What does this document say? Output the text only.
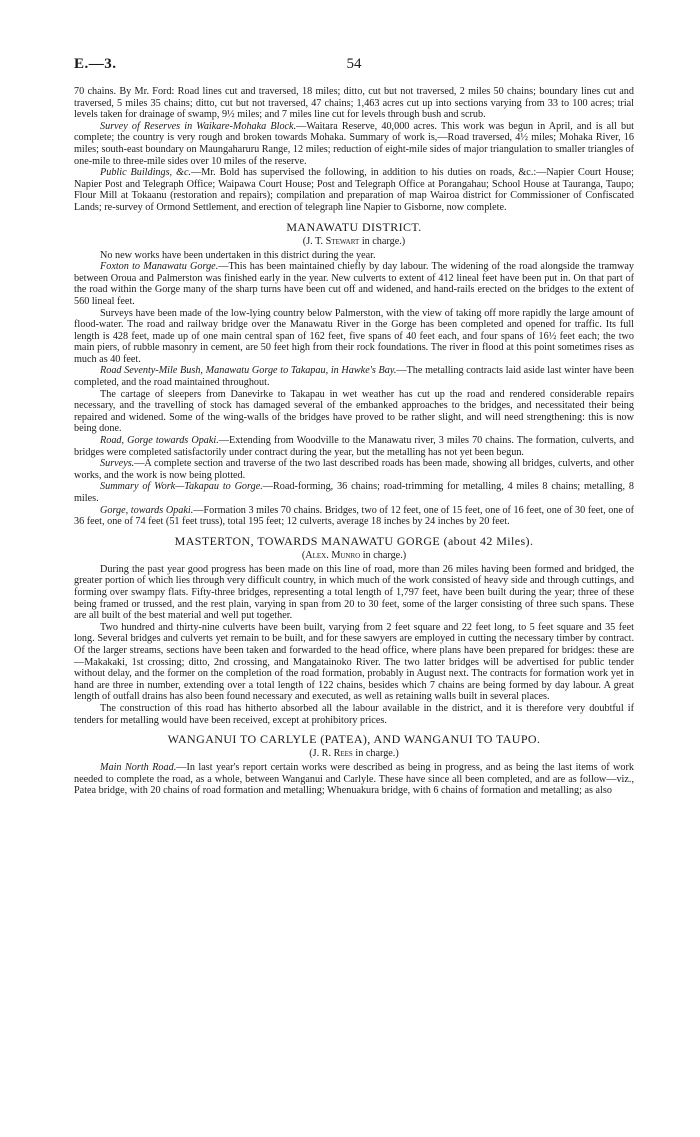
E.—3.	54

70 chains. By Mr. Ford: Road lines cut and traversed, 18 miles; ditto, cut but not traversed, 2 miles 50 chains; boundary lines cut and traversed, 5 miles 35 chains; ditto, cut but not traversed, 47 chains; 1,463 acres cut up into sections varying from 33 to 100 acres; trial levels taken for drainage of swamp, 9½ miles; and 7 miles line cut for levels through bush and scrub.

Survey of Reserves in Waikare-Mohaka Block.—Waitara Reserve, 40,000 acres. This work was begun in April, and is all but complete; the country is very rough and broken towards Mohaka. Summary of work is,—Road traversed, 4½ miles; Mohaka River, 16 miles; south-east boundary on Maungaharuru Range, 12 miles; reduction of eight-mile sides of major triangulation to smaller triangles of one-mile to three-mile sides over 10 miles of the reserve.

Public Buildings, &c.—Mr. Bold has supervised the following, in addition to his duties on roads, &c.:—Napier Court House; Napier Post and Telegraph Office; Waipawa Court House; Post and Telegraph Office at Porangahau; School House at Tauranga, Taupo; Flour Mill at Tokaanu (restoration and repairs); compilation and preparation of map Wairoa district for Commissioner of Confiscated Lands; re-survey of Ormond Settlement, and erection of telegraph line Napier to Gisborne, now complete.

MANAWATU DISTRICT.
(J. T. Stewart in charge.)

No new works have been undertaken in this district during the year.

Foxton to Manawatu Gorge.—This has been maintained chiefly by day labour. The widening of the road alongside the tramway between Oroua and Palmerston was finished early in the year. New culverts to extent of 412 lineal feet have been put in. On that part of the road within the Gorge many of the sharp turns have been cut off and widened, and hand-rails erected on the bridges to the extent of 560 lineal feet.

Surveys have been made of the low-lying country below Palmerston, with the view of taking off more rapidly the large amount of flood-water. The road and railway bridge over the Manawatu River in the Gorge has been completed and opened for traffic. Its full length is 428 feet, made up of one main central span of 162 feet, five spans of 40 feet each, and four spans of 16½ feet each; the two main piers, of rubble masonry in cement, are 50 feet high from their rock foundations. The river in flood at this point sometimes rises as much as 40 feet.

Road Seventy-Mile Bush, Manawatu Gorge to Takapau, in Hawke's Bay.—The metalling contracts laid aside last winter have been completed, and the road maintained throughout.

The cartage of sleepers from Danevirke to Takapau in wet weather has cut up the road and rendered considerable repairs necessary, and the travelling of stock has damaged several of the embanked approaches to the bridges, and necessitated their being repaired and widened. Some of the wing-walls of the bridges have proved to be rather slight, and will need strengthening: this is now being done.

Road, Gorge towards Opaki.—Extending from Woodville to the Manawatu river, 3 miles 70 chains. The formation, culverts, and bridges were completed satisfactorily under contract during the year, but the metalling has not yet been begun.

Surveys.—A complete section and traverse of the two last described roads has been made, showing all bridges, culverts, and other works, and the work is now being plotted.

Summary of Work—Takapau to Gorge.—Road-forming, 36 chains; road-trimming for metalling, 4 miles 8 chains; metalling, 8 miles.

Gorge, towards Opaki.—Formation 3 miles 70 chains. Bridges, two of 12 feet, one of 15 feet, one of 16 feet, one of 30 feet, one of 36 feet, one of 74 feet (51 feet truss), total 195 feet; 12 culverts, average 18 inches by 24 inches by 20 feet.

MASTERTON, TOWARDS MANAWATU GORGE (about 42 Miles).
(Alex. Munro in charge.)

During the past year good progress has been made on this line of road, more than 26 miles having been formed and bridged, the greater portion of which lies through very difficult country, in which much of the work consisted of heavy side and through cuttings, and forming over swampy flats. Fifty-three bridges, representing a total length of 1,797 feet, have been built during the year; three of these being framed or trussed, and the rest plain, varying in span from 20 to 30 feet, some of the larger consisting of three such spans. These are all built of the best material and well put together.

Two hundred and thirty-nine culverts have been built, varying from 2 feet square and 22 feet long, to 5 feet square and 35 feet long. Several bridges and culverts yet remain to be built, and for these sawyers are employed in cutting the necessary timber by contract. Of the larger streams, sections have been taken and forwarded to the head office, where plans have been prepared for bridges: these are—Makakaki, 1st crossing; ditto, 2nd crossing, and Mangatainoko River. The two latter bridges will be advertised for public tender without delay, and the former on the completion of the road formation, probably in August next. The contracts for formation work yet in hand are three in number, extending over a total length of 122 chains, besides which 7 chains are being formed by day labour. A great length of outfall drains has also been found necessary and executed, as well as retaining walls built in several places.

The construction of this road has hitherto absorbed all the labour available in the district, and it is therefore very doubtful if tenders for metalling would have been received, except at prohibitory prices.

WANGANUI TO CARLYLE (PATEA), AND WANGANUI TO TAUPO.
(J. R. Rees in charge.)

Main North Road.—In last year's report certain works were described as being in progress, and as being the last items of work needed to complete the road, as a whole, between Wanganui and Carlyle. These have since all been completed, and are as follow—viz., Patea bridge, with 20 chains of road formation and metalling; Whenuakura bridge, with 6 chains of formation and metalling; as also
